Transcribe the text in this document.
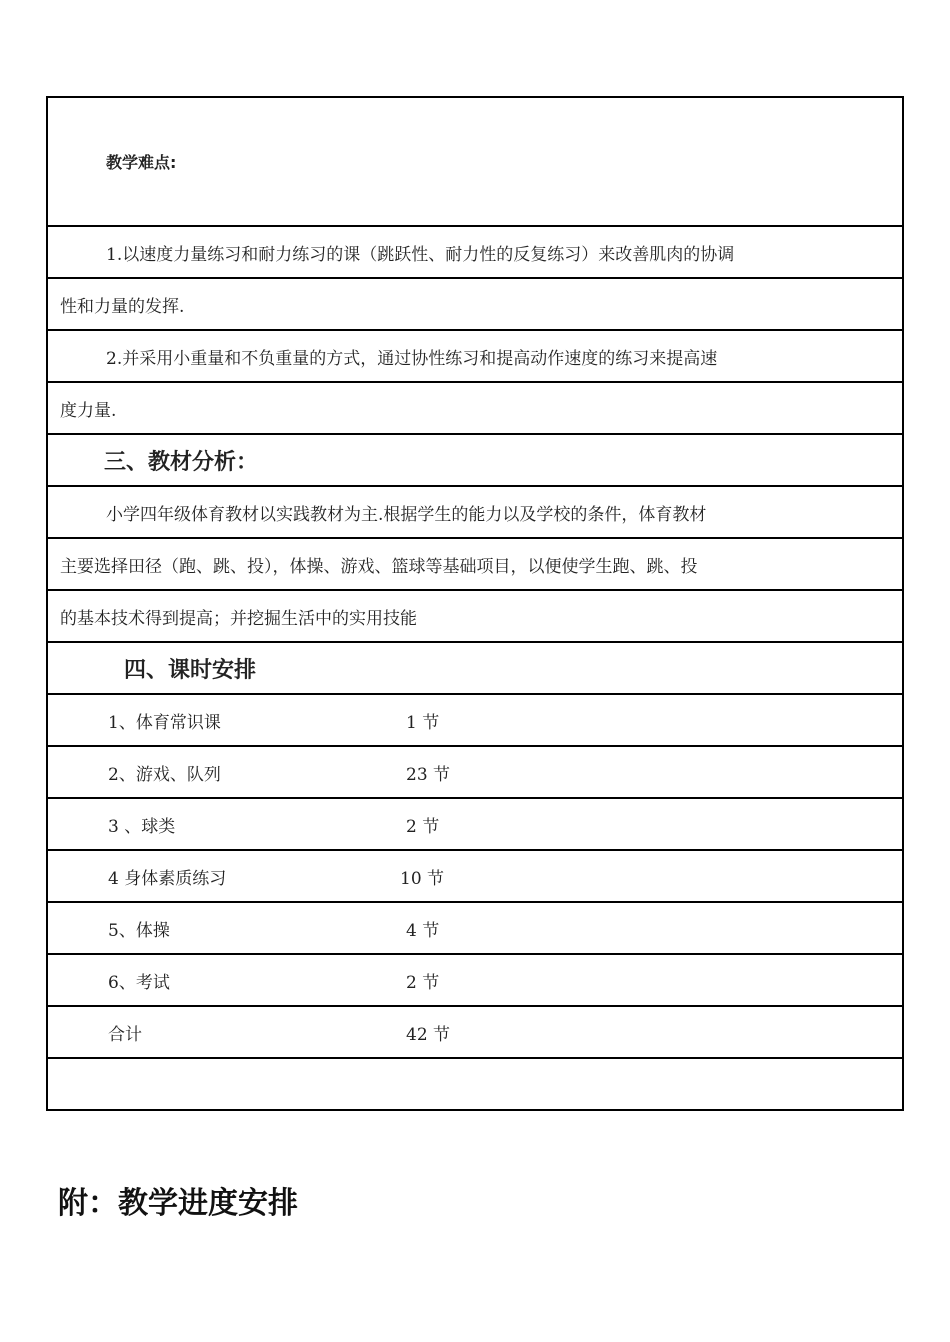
教学难点:
1.以速度力量练习和耐力练习的课（跳跃性、耐力性的反复练习）来改善肌肉的协调
性和力量的发挥.
2.并采用小重量和不负重量的方式，通过协性练习和提高动作速度的练习来提高速
度力量.
三、教材分析：
小学四年级体育教材以实践教材为主.根据学生的能力以及学校的条件，体育教材
主要选择田径（跑、跳、投），体操、游戏、篮球等基础项目，以便使学生跑、跳、投
的基本技术得到提高；并挖掘生活中的实用技能
四、课时安排
1、体育常识课	1 节
2、游戏、队列	23 节
3 、球类	2 节
4 身体素质练习	10 节
5、体操	4 节
6、考试	2 节
合计	42 节
附：教学进度安排
